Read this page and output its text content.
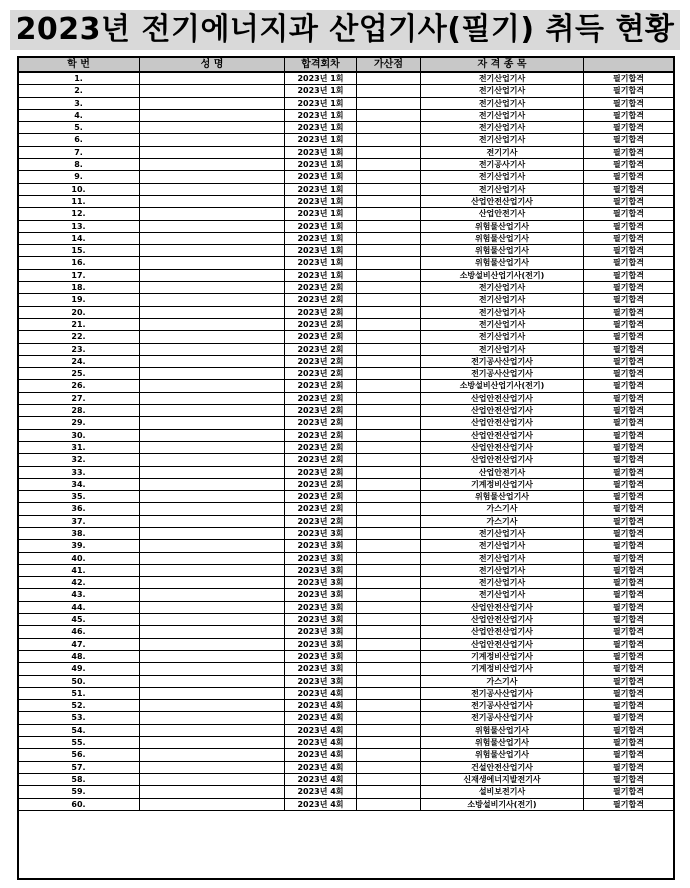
2023년 전기에너지과 산업기사(필기) 취득 현황
학 번	성 명	합격회차	가산점	자 격 종 목	
1.		2023년 1회		전기산업기사	필기합격
2.		2023년 1회		전기산업기사	필기합격
3.		2023년 1회		전기산업기사	필기합격
4.		2023년 1회		전기산업기사	필기합격
5.		2023년 1회		전기산업기사	필기합격
6.		2023년 1회		전기산업기사	필기합격
7.		2023년 1회		전기기사	필기합격
8.		2023년 1회		전기공사기사	필기합격
9.		2023년 1회		전기산업기사	필기합격
10.		2023년 1회		전기산업기사	필기합격
11.		2023년 1회		산업안전산업기사	필기합격
12.		2023년 1회		산업안전기사	필기합격
13.		2023년 1회		위험물산업기사	필기합격
14.		2023년 1회		위험물산업기사	필기합격
15.		2023년 1회		위험물산업기사	필기합격
16.		2023년 1회		위험물산업기사	필기합격
17.		2023년 1회		소방설비산업기사(전기)	필기합격
18.		2023년 2회		전기산업기사	필기합격
19.		2023년 2회		전기산업기사	필기합격
20.		2023년 2회		전기산업기사	필기합격
21.		2023년 2회		전기산업기사	필기합격
22.		2023년 2회		전기산업기사	필기합격
23.		2023년 2회		전기산업기사	필기합격
24.		2023년 2회		전기공사산업기사	필기합격
25.		2023년 2회		전기공사산업기사	필기합격
26.		2023년 2회		소방설비산업기사(전기)	필기합격
27.		2023년 2회		산업안전산업기사	필기합격
28.		2023년 2회		산업안전산업기사	필기합격
29.		2023년 2회		산업안전산업기사	필기합격
30.		2023년 2회		산업안전산업기사	필기합격
31.		2023년 2회		산업안전산업기사	필기합격
32.		2023년 2회		산업안전산업기사	필기합격
33.		2023년 2회		산업안전기사	필기합격
34.		2023년 2회		기계정비산업기사	필기합격
35.		2023년 2회		위험물산업기사	필기합격
36.		2023년 2회		가스기사	필기합격
37.		2023년 2회		가스기사	필기합격
38.		2023년 3회		전기산업기사	필기합격
39.		2023년 3회		전기산업기사	필기합격
40.		2023년 3회		전기산업기사	필기합격
41.		2023년 3회		전기산업기사	필기합격
42.		2023년 3회		전기산업기사	필기합격
43.		2023년 3회		전기산업기사	필기합격
44.		2023년 3회		산업안전산업기사	필기합격
45.		2023년 3회		산업안전산업기사	필기합격
46.		2023년 3회		산업안전산업기사	필기합격
47.		2023년 3회		산업안전산업기사	필기합격
48.		2023년 3회		기계정비산업기사	필기합격
49.		2023년 3회		기계정비산업기사	필기합격
50.		2023년 3회		가스기사	필기합격
51.		2023년 4회		전기공사산업기사	필기합격
52.		2023년 4회		전기공사산업기사	필기합격
53.		2023년 4회		전기공사산업기사	필기합격
54.		2023년 4회		위험물산업기사	필기합격
55.		2023년 4회		위험물산업기사	필기합격
56.		2023년 4회		위험물산업기사	필기합격
57.		2023년 4회		건설안전산업기사	필기합격
58.		2023년 4회		신재생에너지발전기사	필기합격
59.		2023년 4회		설비보전기사	필기합격
60.		2023년 4회		소방설비기사(전기)	필기합격
